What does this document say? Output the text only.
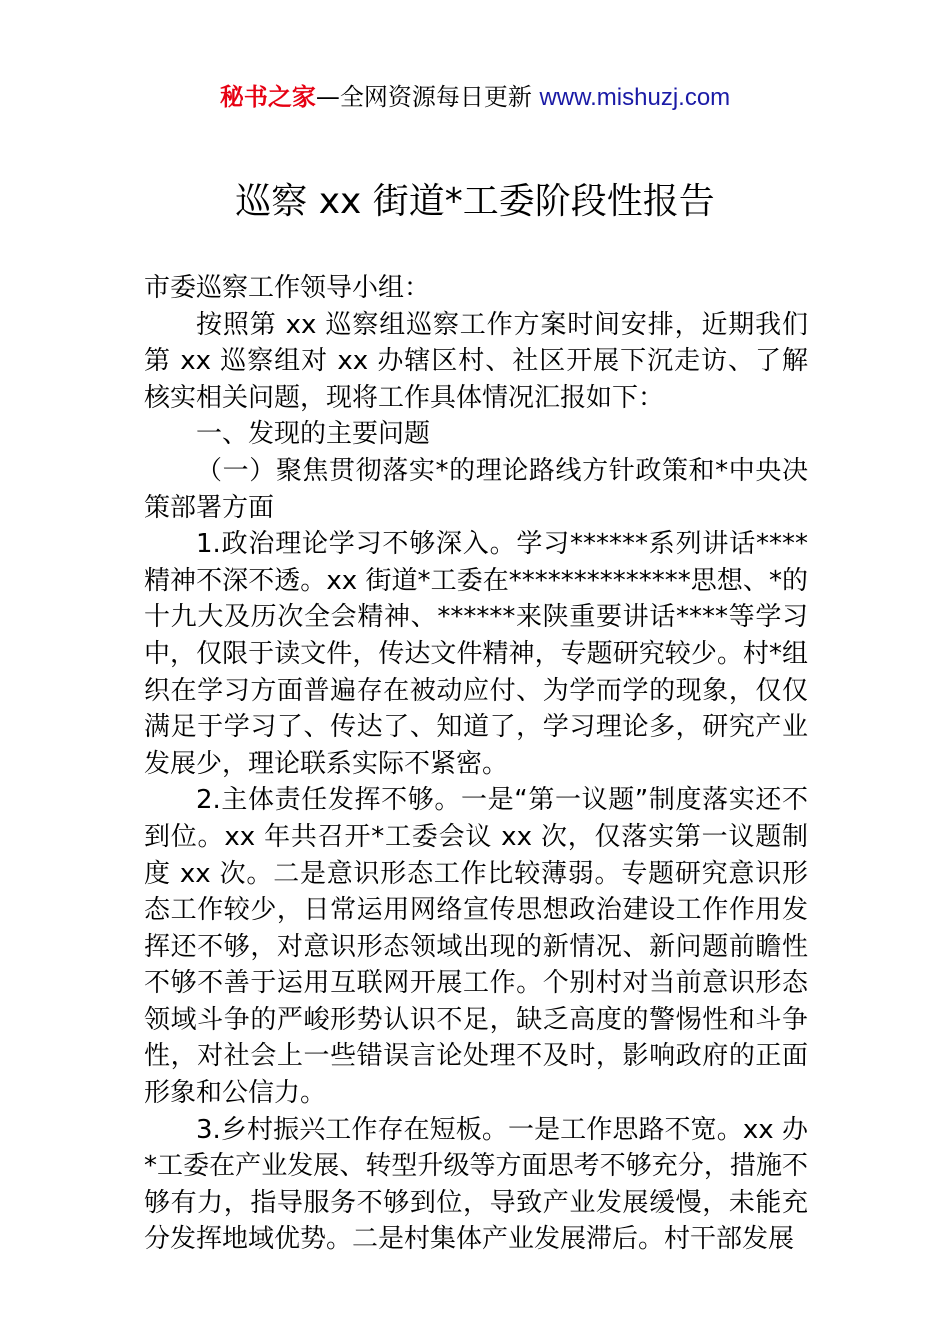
秘书之家—全网资源每日更新 www.mishuzj.com
巡察 xx 街道*工委阶段性报告

市委巡察工作领导小组：

按照第 xx 巡察组巡察工作方案时间安排，近期我们第 xx 巡察组对 xx 办辖区村、社区开展下沉走访、了解核实相关问题，现将工作具体情况汇报如下：

一、发现的主要问题

（一）聚焦贯彻落实*的理论路线方针政策和*中央决策部署方面

1.政治理论学习不够深入。学习******系列讲话****精神不深不透。xx 街道*工委在**************思想、*的十九大及历次全会精神、******来陕重要讲话****等学习中，仅限于读文件，传达文件精神，专题研究较少。村*组织在学习方面普遍存在被动应付、为学而学的现象，仅仅满足于学习了、传达了、知道了，学习理论多，研究产业发展少，理论联系实际不紧密。

2.主体责任发挥不够。一是“第一议题”制度落实还不到位。xx 年共召开*工委会议 xx 次，仅落实第一议题制度 xx 次。二是意识形态工作比较薄弱。专题研究意识形态工作较少，日常运用网络宣传思想政治建设工作作用发挥还不够，对意识形态领域出现的新情况、新问题前瞻性不够不善于运用互联网开展工作。个别村对当前意识形态领域斗争的严峻形势认识不足，缺乏高度的警惕性和斗争性，对社会上一些错误言论处理不及时，影响政府的正面形象和公信力。

3.乡村振兴工作存在短板。一是工作思路不宽。xx 办*工委在产业发展、转型升级等方面思考不够充分，措施不够有力，指导服务不够到位，导致产业发展缓慢，未能充分发挥地域优势。二是村集体产业发展滞后。村干部发展
